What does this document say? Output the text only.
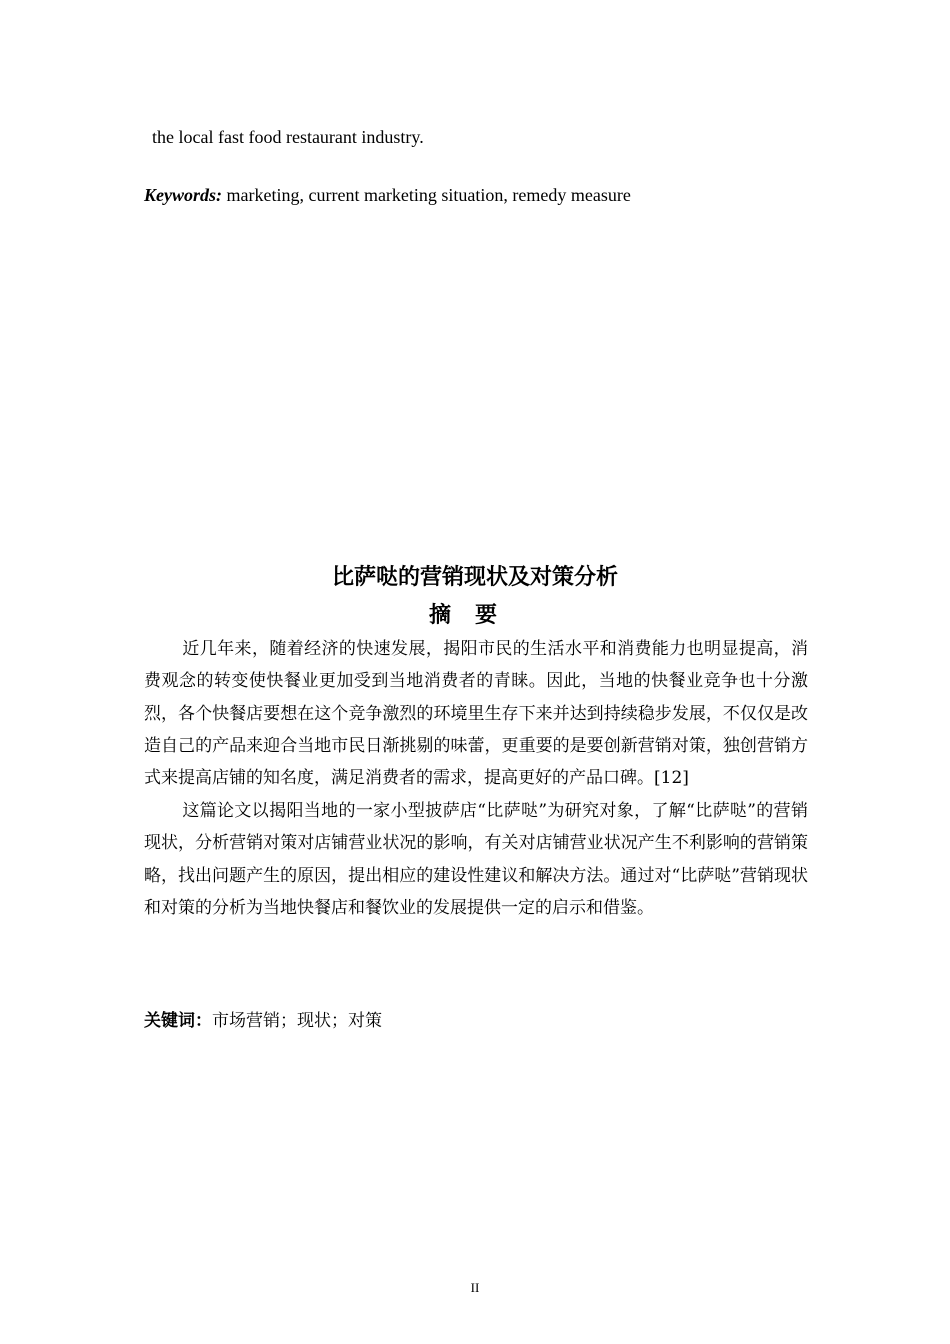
the local fast food restaurant industry.
Keywords: marketing, current marketing situation, remedy measure
比萨哒的营销现状及对策分析
摘要
近几年来，随着经济的快速发展，揭阳市民的生活水平和消费能力也明显提高，消费观念的转变使快餐业更加受到当地消费者的青睐。因此，当地的快餐业竞争也十分激烈，各个快餐店要想在这个竞争激烈的环境里生存下来并达到持续稳步发展，不仅仅是改造自己的产品来迎合当地市民日渐挑剔的味蕾，更重要的是要创新营销对策，独创营销方式来提高店铺的知名度，满足消费者的需求，提高更好的产品口碑。[12]
这篇论文以揭阳当地的一家小型披萨店“比萨哒”为研究对象，了解“比萨哒”的营销现状，分析营销对策对店铺营业状况的影响，有关对店铺营业状况产生不利影响的营销策略，找出问题产生的原因，提出相应的建设性建议和解决方法。通过对“比萨哒”营销现状和对策的分析为当地快餐店和餐饮业的发展提供一定的启示和借鉴。
关键词：市场营销；现状；对策
II
